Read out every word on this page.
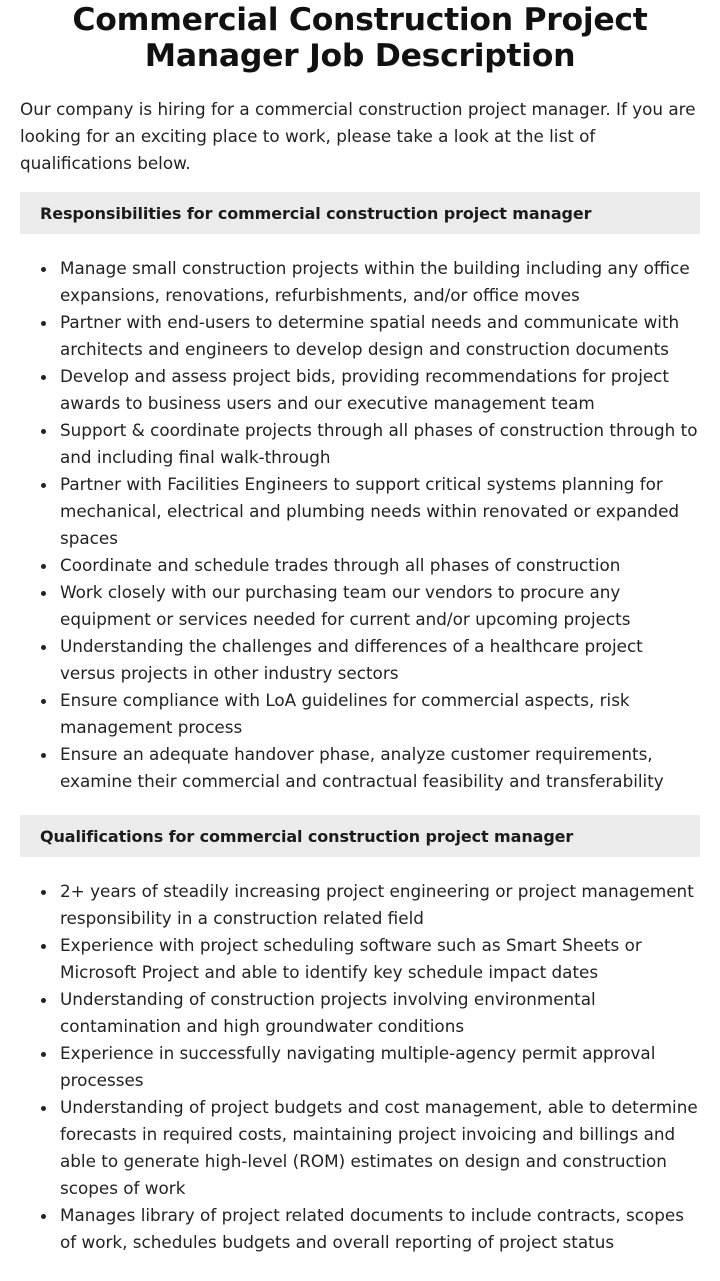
Commercial Construction Project Manager Job Description

Our company is hiring for a commercial construction project manager. If you are looking for an exciting place to work, please take a look at the list of qualifications below.

Responsibilities for commercial construction project manager
Manage small construction projects within the building including any office expansions, renovations, refurbishments, and/or office moves
Partner with end-users to determine spatial needs and communicate with architects and engineers to develop design and construction documents
Develop and assess project bids, providing recommendations for project awards to business users and our executive management team
Support & coordinate projects through all phases of construction through to and including final walk-through
Partner with Facilities Engineers to support critical systems planning for mechanical, electrical and plumbing needs within renovated or expanded spaces
Coordinate and schedule trades through all phases of construction
Work closely with our purchasing team our vendors to procure any equipment or services needed for current and/or upcoming projects
Understanding the challenges and differences of a healthcare project versus projects in other industry sectors
Ensure compliance with LoA guidelines for commercial aspects, risk management process
Ensure an adequate handover phase, analyze customer requirements, examine their commercial and contractual feasibility and transferability
Qualifications for commercial construction project manager
2+ years of steadily increasing project engineering or project management responsibility in a construction related field
Experience with project scheduling software such as Smart Sheets or Microsoft Project and able to identify key schedule impact dates
Understanding of construction projects involving environmental contamination and high groundwater conditions
Experience in successfully navigating multiple-agency permit approval processes
Understanding of project budgets and cost management, able to determine forecasts in required costs, maintaining project invoicing and billings and able to generate high-level (ROM) estimates on design and construction scopes of work
Manages library of project related documents to include contracts, scopes of work, schedules budgets and overall reporting of project status
